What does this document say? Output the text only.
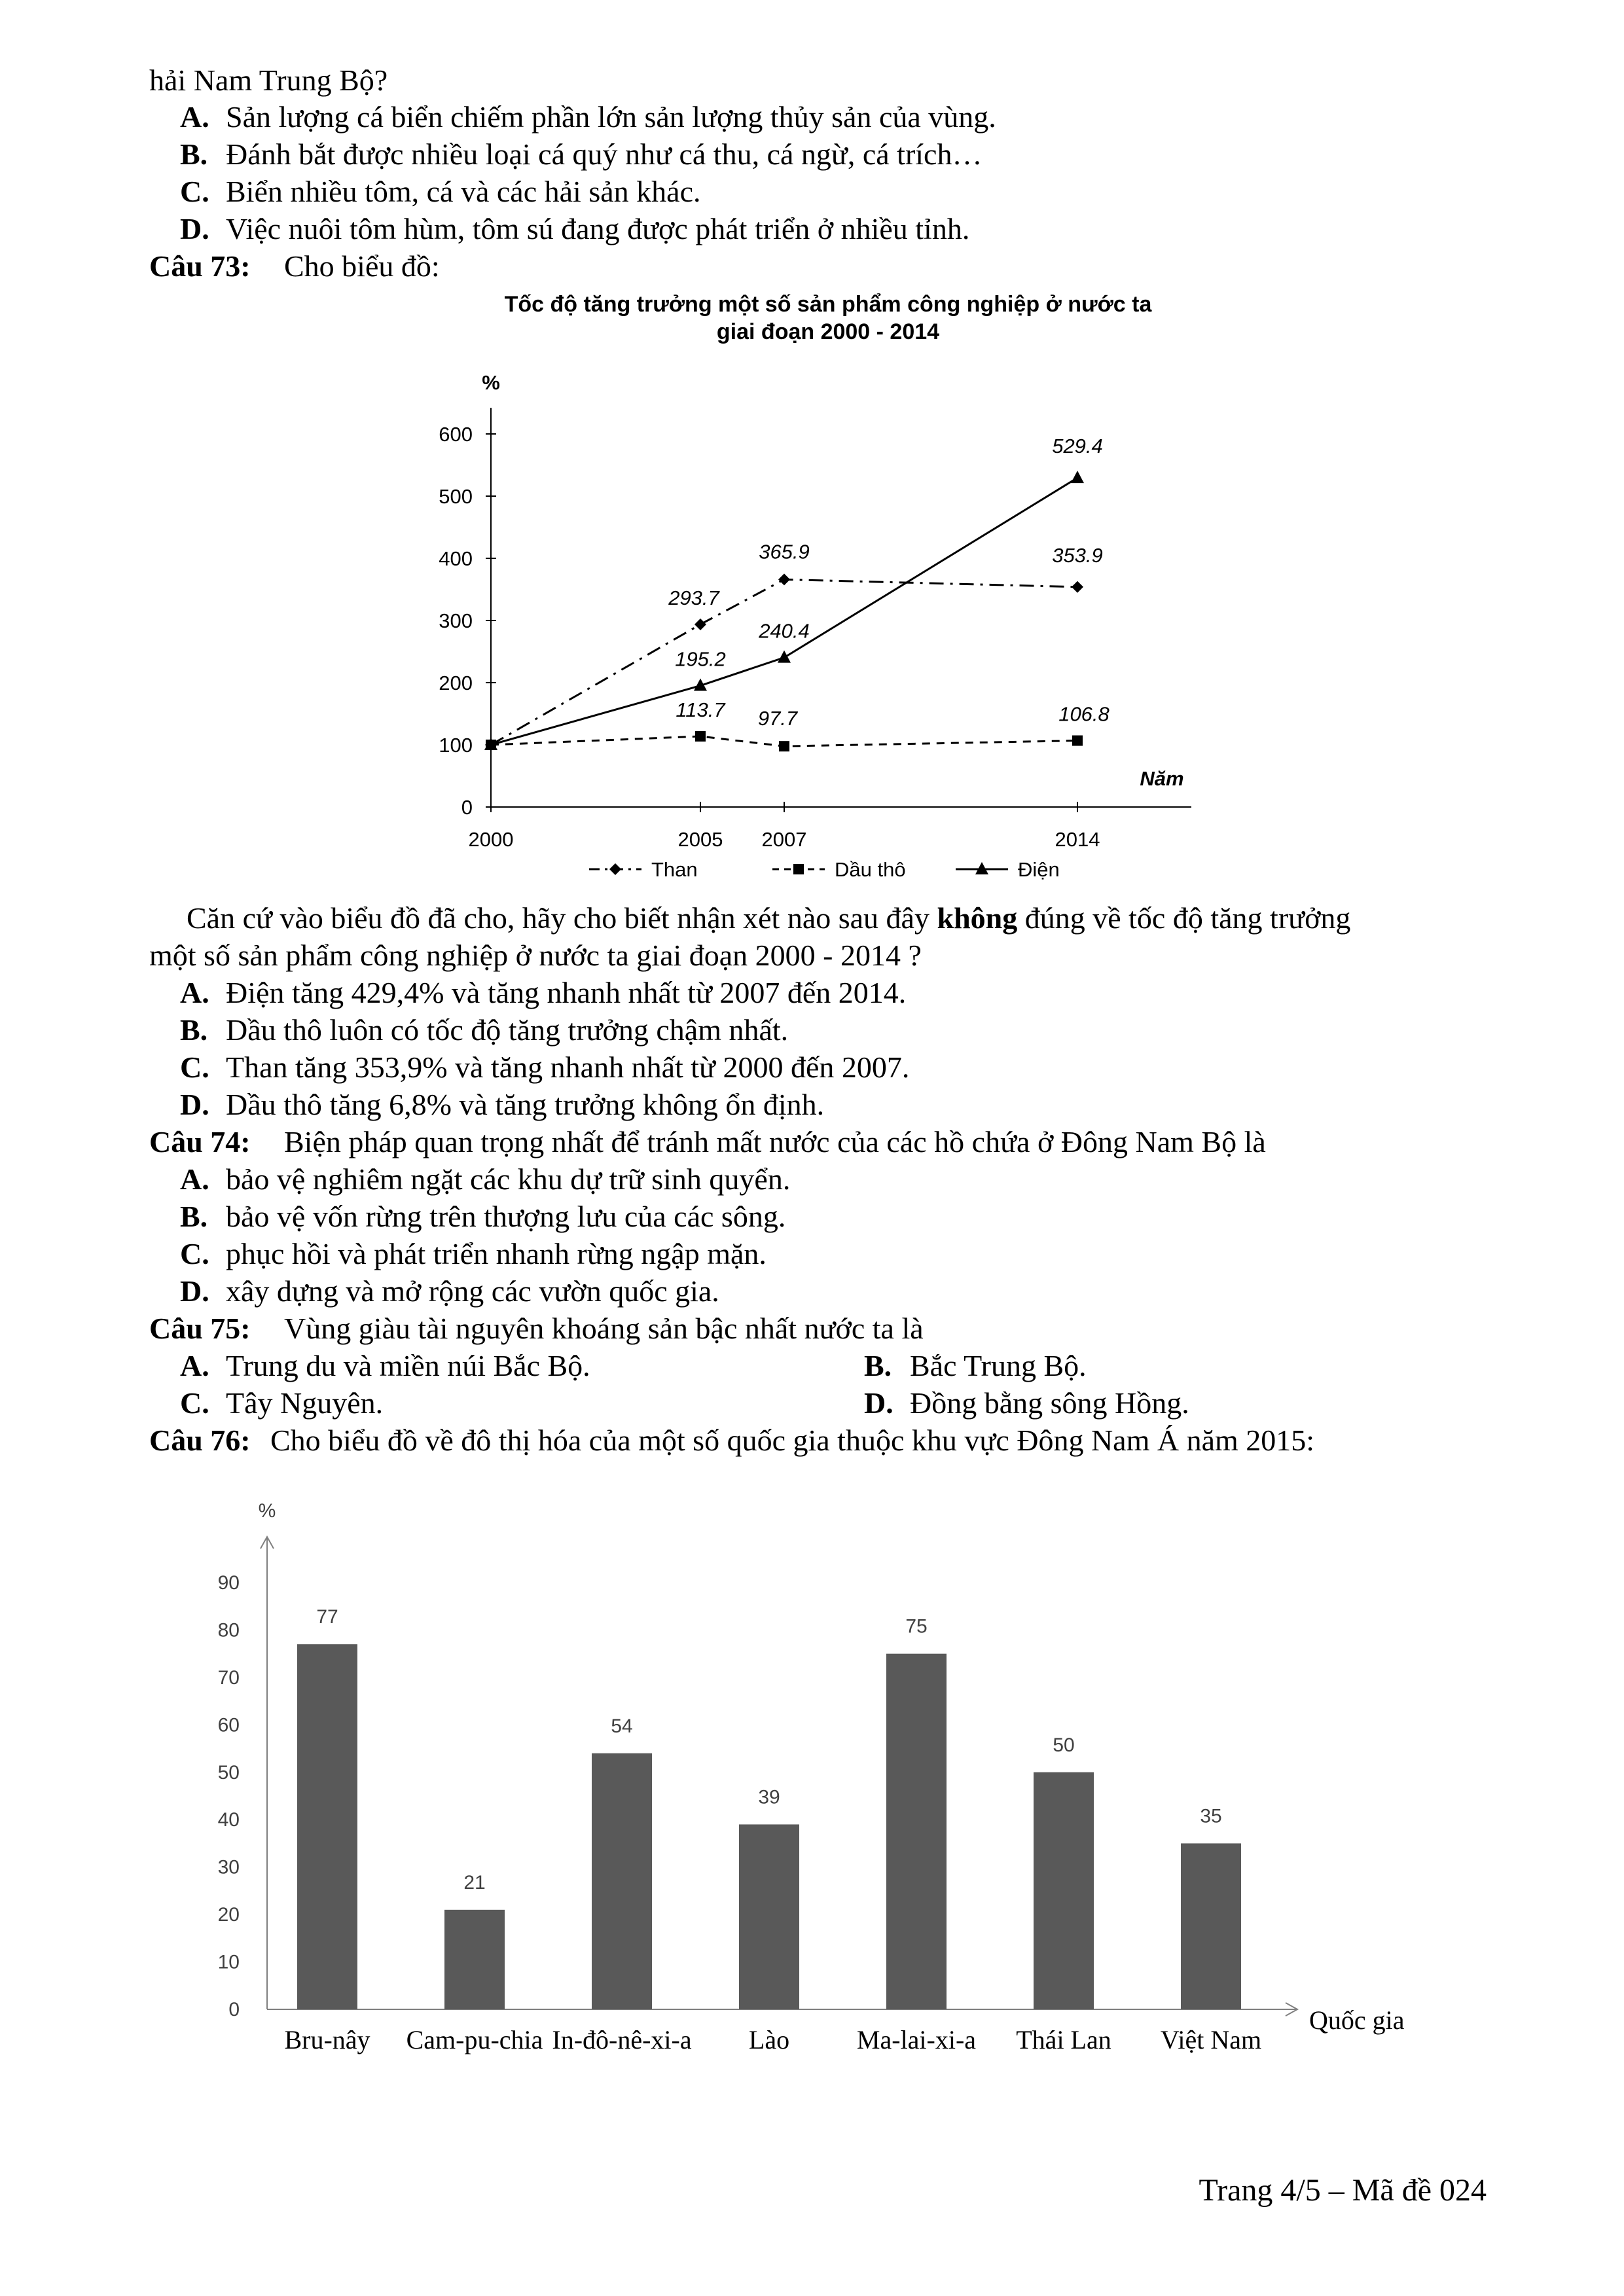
hải Nam Trung Bộ?
A. Sản lượng cá biển chiếm phần lớn sản lượng thủy sản của vùng.
B. Đánh bắt được nhiều loại cá quý như cá thu, cá ngừ, cá trích…
C. Biển nhiều tôm, cá và các hải sản khác.
D. Việc nuôi tôm hùm, tôm sú đang được phát triển ở nhiều tỉnh.
Câu 73: Cho biểu đồ:
Tốc độ tăng trưởng một số sản phẩm công nghiệp ở nước ta
giai đoạn 2000 - 2014
%
Năm
0
100
200
300
400
500
600
2000	2005 2007	2014
293.7
365.9	353.9
113.7 97.7	106.8
195.2
240.4
529.4
Than	Dầu thô	Điện
Căn cứ vào biểu đồ đã cho, hãy cho biết nhận xét nào sau đây không đúng về tốc độ tăng trưởng
một số sản phẩm công nghiệp ở nước ta giai đoạn 2000 - 2014 ?
A. Điện tăng 429,4% và tăng nhanh nhất từ 2007 đến 2014.
B. Dầu thô luôn có tốc độ tăng trưởng chậm nhất.
C. Than tăng 353,9% và tăng nhanh nhất từ 2000 đến 2007.
D. Dầu thô tăng 6,8% và tăng trưởng không ổn định.
Câu 74: Biện pháp quan trọng nhất để tránh mất nước của các hồ chứa ở Đông Nam Bộ là
A. bảo vệ nghiêm ngặt các khu dự trữ sinh quyển.
B. bảo vệ vốn rừng trên thượng lưu của các sông.
C. phục hồi và phát triển nhanh rừng ngập mặn.
D. xây dựng và mở rộng các vườn quốc gia.
Câu 75: Vùng giàu tài nguyên khoáng sản bậc nhất nước ta là
A. Trung du và miền núi Bắc Bộ.	B. Bắc Trung Bộ.
C. Tây Nguyên.	D. Đồng bằng sông Hồng.
Câu 76: Cho biểu đồ về đô thị hóa của một số quốc gia thuộc khu vực Đông Nam Á năm 2015:
%
Quốc gia
0
10
20
30
40
50
60
70
80
90
77
Bru-nây
21
Cam-pu-chia
54
In-đô-nê-xi-a
39
Lào
75
Ma-lai-xi-a
50
Thái Lan
35
Việt Nam
Trang 4/5 – Mã đề 024
